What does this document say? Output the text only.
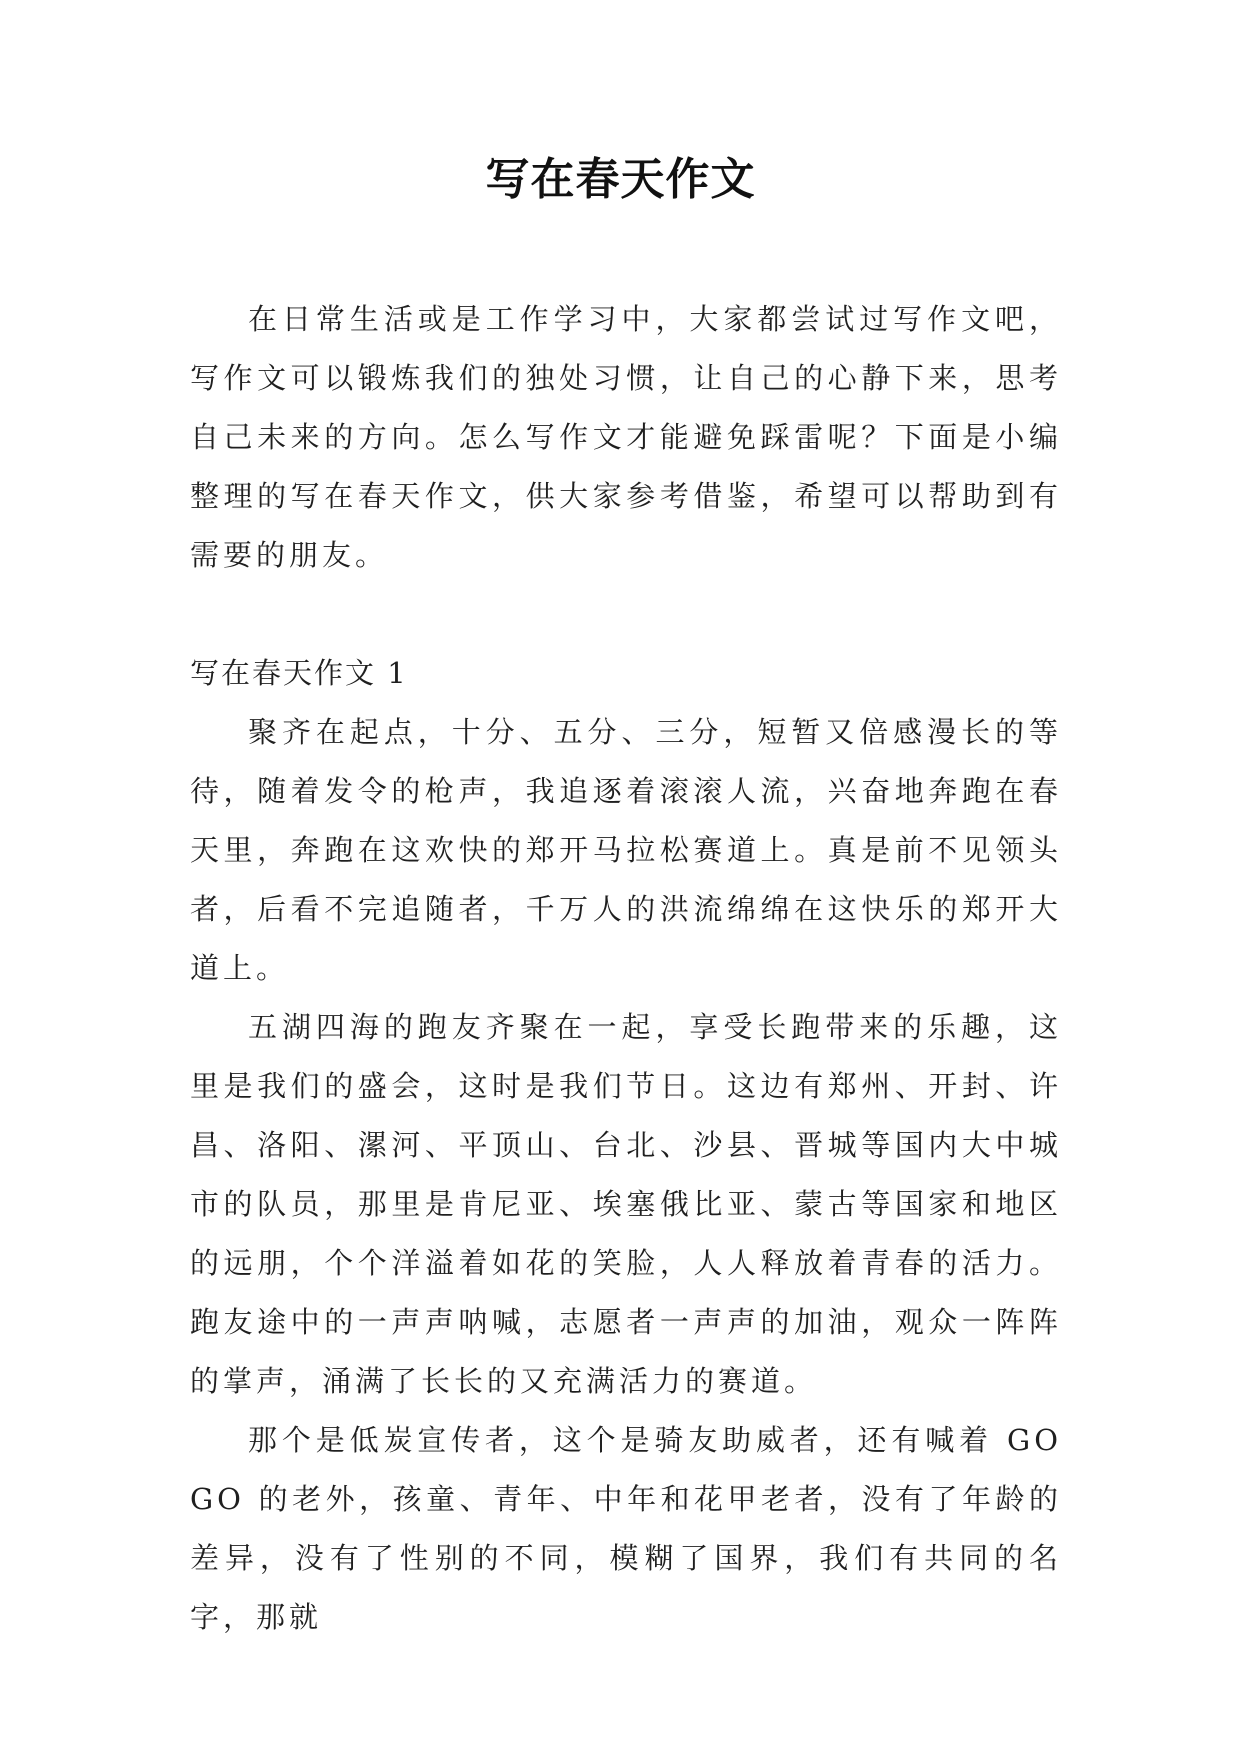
写在春天作文

在日常生活或是工作学习中，大家都尝试过写作文吧，写作文可以锻炼我们的独处习惯，让自己的心静下来，思考自己未来的方向。怎么写作文才能避免踩雷呢？下面是小编整理的写在春天作文，供大家参考借鉴，希望可以帮助到有需要的朋友。

写在春天作文 1

聚齐在起点，十分、五分、三分，短暂又倍感漫长的等待，随着发令的枪声，我追逐着滚滚人流，兴奋地奔跑在春天里，奔跑在这欢快的郑开马拉松赛道上。真是前不见领头者，后看不完追随者，千万人的洪流绵绵在这快乐的郑开大道上。

五湖四海的跑友齐聚在一起，享受长跑带来的乐趣，这里是我们的盛会，这时是我们节日。这边有郑州、开封、许昌、洛阳、漯河、平顶山、台北、沙县、晋城等国内大中城市的队员，那里是肯尼亚、埃塞俄比亚、蒙古等国家和地区的远朋，个个洋溢着如花的笑脸，人人释放着青春的活力。跑友途中的一声声呐喊，志愿者一声声的加油，观众一阵阵的掌声，涌满了长长的又充满活力的赛道。

那个是低炭宣传者，这个是骑友助威者，还有喊着 GO GO 的老外，孩童、青年、中年和花甲老者，没有了年龄的差异，没有了性别的不同，模糊了国界，我们有共同的名字，那就
